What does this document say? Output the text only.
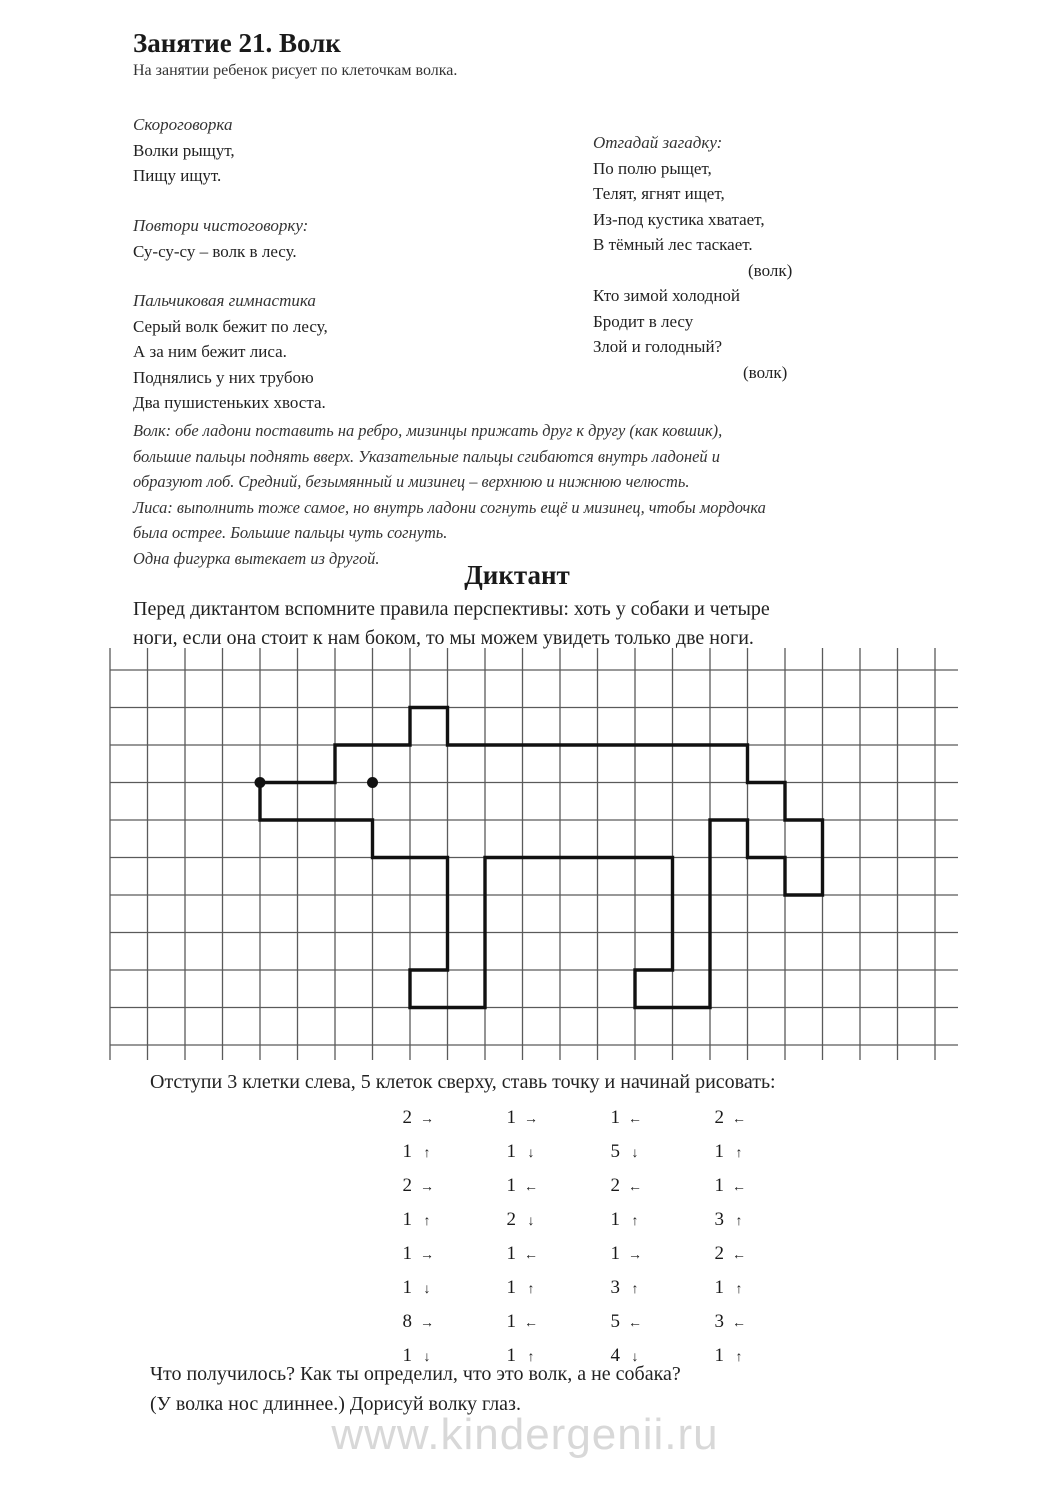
Занятие 21. Волк
На занятии ребенок рисует по клеточкам волка.
Скороговорка
Волки рыщут,
Пищу ищут.
Повтори чистоговорку:
Су-су-су – волк в лесу.
Пальчиковая гимнастика
Серый волк бежит по лесу,
А за ним бежит лиса.
Поднялись у них трубою
Два пушистеньких хвоста.
Отгадай загадку:
По полю рыщет,
Телят, ягнят ищет,
Из-под кустика хватает,
В тёмный лес таскает.
(волк)
Кто зимой холодной
Бродит в лесу
Злой и голодный?
(волк)
Волк: обе ладони поставить на ребро, мизинцы прижать друг к другу (как ковшик),
большие пальцы поднять вверх. Указательные пальцы сгибаются внутрь ладоней и
образуют лоб. Средний, безымянный и мизинец – верхнюю и нижнюю челюсть.
Лиса: выполнить тоже самое, но внутрь ладони согнуть ещё и мизинец, чтобы мордочка
была острее. Большие пальцы чуть согнуть.
Одна фигурка вытекает из другой.
Диктант
Перед диктантом вспомните правила перспективы: хоть у собаки и четыре
ноги, если она стоит к нам боком, то мы можем увидеть только две ноги.
Отступи 3 клетки слева, 5 клеток сверху, ставь точку и начинай рисовать:
2 →	1 →	1 ←	2 ←
1 ↑	1 ↓	5 ↓	1 ↑
2 →	1 ←	2 ←	1 ←
1 ↑	2 ↓	1 ↑	3 ↑
1 →	1 ←	1 →	2 ←
1 ↓	1 ↑	3 ↑	1 ↑
8 →	1 ←	5 ←	3 ←
1 ↓	1 ↑	4 ↓	1 ↑
Что получилось? Как ты определил, что это волк, а не собака?
(У волка нос длиннее.) Дорисуй волку глаз.
www.kindergenii.ru
